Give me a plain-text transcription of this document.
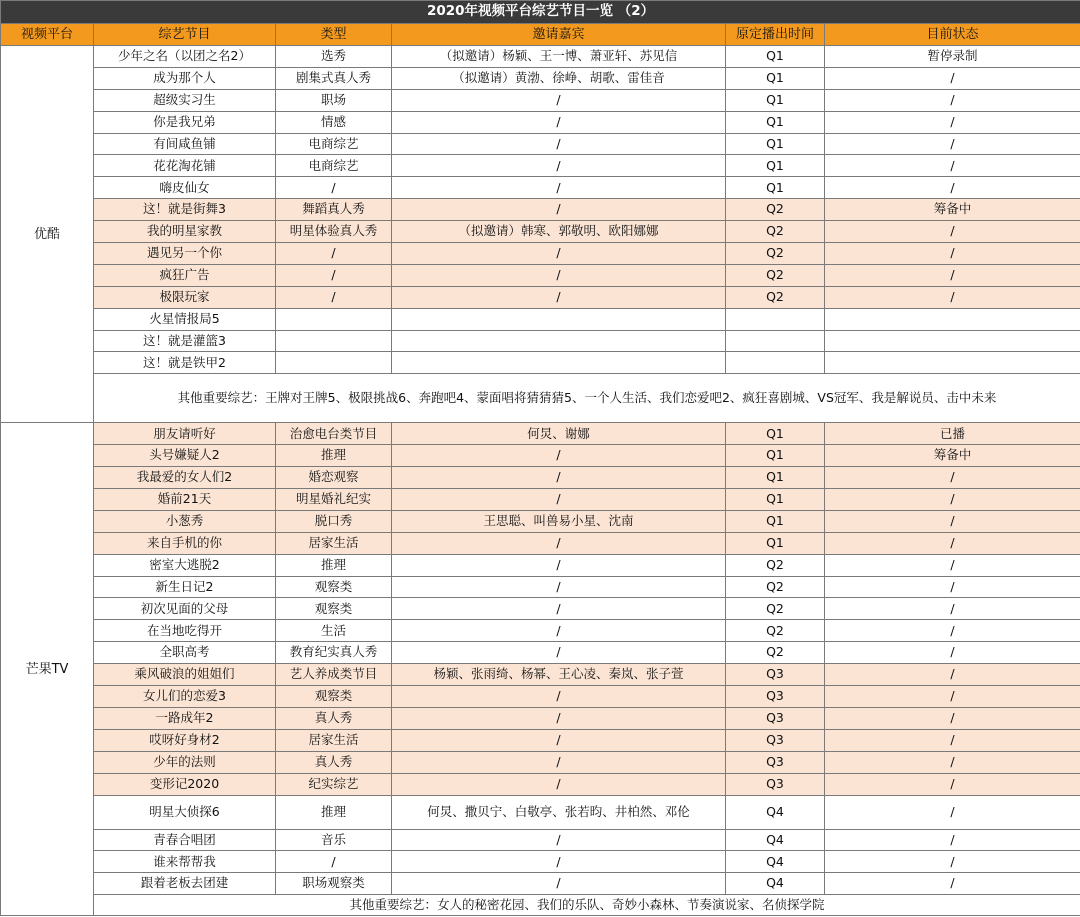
2020年视频平台综艺节目一览 （2）					
视频平台	综艺节目	类型	邀请嘉宾	原定播出时间	目前状态
优酷	少年之名（以团之名2）	选秀	（拟邀请）杨颖、王一博、萧亚轩、苏见信	Q1	暂停录制
	成为那个人	剧集式真人秀	（拟邀请）黄渤、徐峥、胡歌、雷佳音	Q1	/
	超级实习生	职场	/	Q1	/
	你是我兄弟	情感	/	Q1	/
	有间咸鱼铺	电商综艺	/	Q1	/
	花花淘花铺	电商综艺	/	Q1	/
	嗨皮仙女	/	/	Q1	/
	这！就是街舞3	舞蹈真人秀	/	Q2	筹备中
	我的明星家教	明星体验真人秀	（拟邀请）韩寒、郭敬明、欧阳娜娜	Q2	/
	遇见另一个你	/	/	Q2	/
	疯狂广告	/	/	Q2	/
	极限玩家	/	/	Q2	/
	火星情报局5				
	这！就是灌篮3				
	这！就是铁甲2				
	其他重要综艺：王牌对王牌5、极限挑战6、奔跑吧4、蒙面唱将猜猜猜5、一个人生活、我们恋爱吧2、疯狂喜剧城、VS冠军、我是解说员、击中未来				
芒果TV	朋友请听好	治愈电台类节目	何炅、谢娜	Q1	已播
	头号嫌疑人2	推理	/	Q1	筹备中
	我最爱的女人们2	婚恋观察	/	Q1	/
	婚前21天	明星婚礼纪实	/	Q1	/
	小葱秀	脱口秀	王思聪、叫兽易小星、沈南	Q1	/
	来自手机的你	居家生活	/	Q1	/
	密室大逃脱2	推理	/	Q2	/
	新生日记2	观察类	/	Q2	/
	初次见面的父母	观察类	/	Q2	/
	在当地吃得开	生活	/	Q2	/
	全职高考	教育纪实真人秀	/	Q2	/
	乘风破浪的姐姐们	艺人养成类节目	杨颖、张雨绮、杨幂、王心凌、秦岚、张子萱	Q3	/
	女儿们的恋爱3	观察类	/	Q3	/
	一路成年2	真人秀	/	Q3	/
	哎呀好身材2	居家生活	/	Q3	/
	少年的法则	真人秀	/	Q3	/
	变形记2020	纪实综艺	/	Q3	/
	明星大侦探6	推理	何炅、撒贝宁、白敬亭、张若昀、井柏然、邓伦	Q4	/
	青春合唱团	音乐	/	Q4	/
	谁来帮帮我	/	/	Q4	/
	跟着老板去团建	职场观察类	/	Q4	/
	其他重要综艺：女人的秘密花园、我们的乐队、奇妙小森林、节奏演说家、名侦探学院				
